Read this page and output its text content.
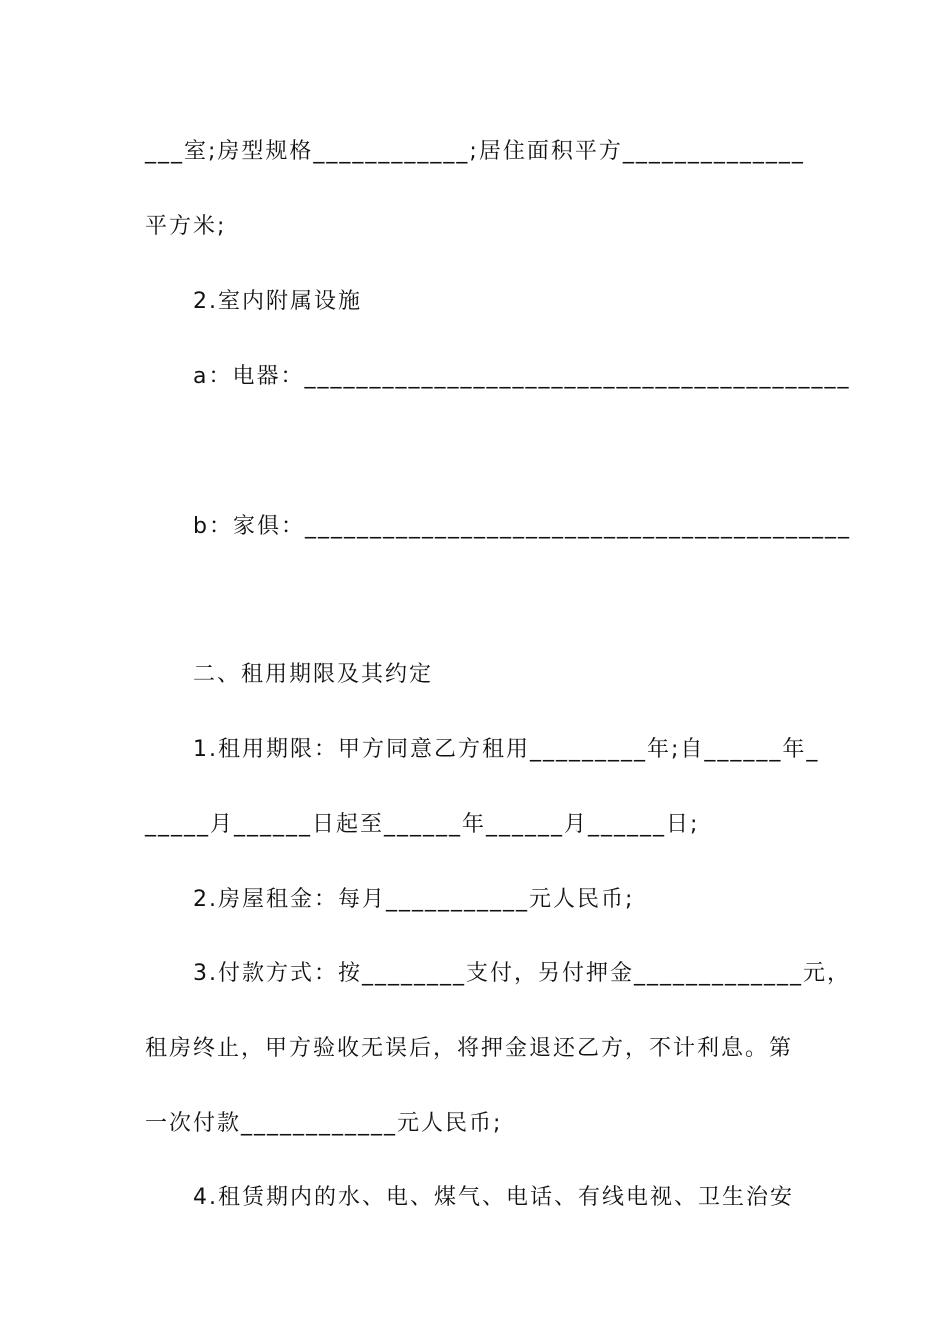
___室;房型规格____________;居住面积平方______________
平方米;
2.室内附属设施
a：电器：__________________________________________
b：家俱：__________________________________________
二、租用期限及其约定
1.租用期限：甲方同意乙方租用_________年;自______年_
_____月______日起至______年______月______日;
2.房屋租金：每月___________元人民币;
3.付款方式：按________支付，另付押金_____________元，
租房终止，甲方验收无误后，将押金退还乙方，不计利息。第
一次付款____________元人民币;
4.租赁期内的水、电、煤气、电话、有线电视、卫生治安
